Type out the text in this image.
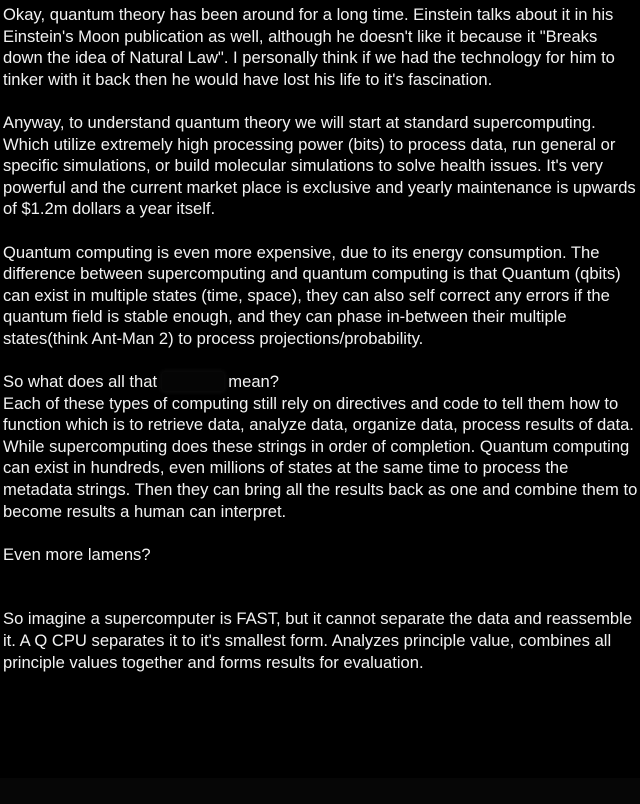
Okay, quantum theory has been around for a long time. Einstein talks about it in his Einstein's Moon publication as well, although he doesn't like it because it "Breaks down the idea of Natural Law". I personally think if we had the technology for him to tinker with it back then he would have lost his life to it's fascination.

Anyway, to understand quantum theory we will start at standard supercomputing. Which utilize extremely high processing power (bits) to process data, run general or specific simulations, or build molecular simulations to solve health issues. It's very powerful and the current market place is exclusive and yearly maintenance is upwards of $1.2m dollars a year itself.

Quantum computing is even more expensive, due to its energy consumption. The difference between supercomputing and quantum computing is that Quantum (qbits) can exist in multiple states (time, space), they can also self correct any errors if the quantum field is stable enough, and they can phase in-between their multiple states(think Ant-Man 2) to process projections/probability.

So what does all that	mean?

Each of these types of computing still rely on directives and code to tell them how to function which is to retrieve data, analyze data, organize data, process results of data. While supercomputing does these strings in order of completion. Quantum computing can exist in hundreds, even millions of states at the same time to process the metadata strings. Then they can bring all the results back as one and combine them to become results a human can interpret.

Even more lamens?

So imagine a supercomputer is FAST, but it cannot separate the data and reassemble it. A Q CPU separates it to it's smallest form. Analyzes principle value, combines all principle values together and forms results for evaluation.
